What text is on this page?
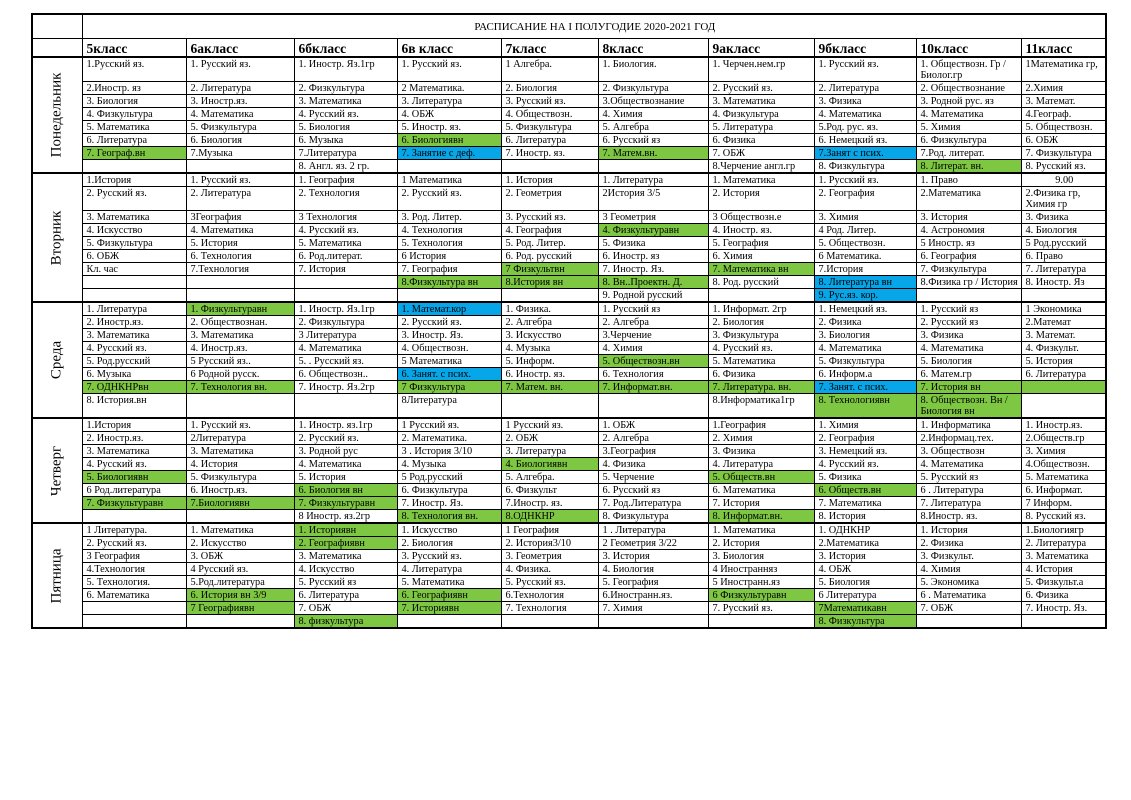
	РАСПИСАНИЕ НА I ПОЛУГОДИЕ 2020-2021 ГОД									
	5класс	6акласс	6бкласс	6в класс	7класс	8класс	9акласс	9бкласс	10класс	11класс

Понедельник	1.Русский яз.	1. Русский яз.	1. Иностр. Яз.1гр	1. Русский яз.	1 Алгебра.	1. Биология.	1. Черчен.нем.гр	1. Русский яз.	1. Обществозн. Гр /Биолог.гр	1Математика гр,
	2.Иностр. яз	2. Литература	2. Физкультура	2 Математика.	2. Биология	2. Физкультура	2. Русский яз.	2. Литература	2. Обществознание	2.Химия
	3. Биология	3. Иностр.яз.	3. Математика	3. Литература	3. Русский яз.	3.Обществознание	3. Математика	3. Физика	3. Родной рус. яз	3. Математ.
	4. Физкультура	4. Математика	4. Русский яз.	4. ОБЖ	4. Обществозн.	4. Химия	4. Физкультура	4. Математика	4. Математика	4.Географ.
	5. Математика	5. Физкультура	5. Биология	5. Иностр. яз.	5. Физкультура	5. Алгебра	5. Литература	5.Род. рус. яз.	5. Химия	5. Обществозн.
	6. Литература	6. Биология	6. Музыка	6. Биологиявн	6. Литература	6. Русский яз	6. Физика	6. Немецкий яз.	6. Физкультура	6. ОБЖ
	7. Географ.вн	7.Музыка	7.Литература	7. Занятие с деф.	7. Иностр. яз.	7. Матем.вн.	7. ОБЖ	7.Занят с псих.	7.Род. литерат.	7. Физкультура
			8. Англ. яз. 2 гр.				8.Черчение англ.гр	8. Физкультура	8. Литерат. вн.	8. Русский яз.

Вторник	1.История	1. Русский яз.	1. География	1 Математика	1. История	1. Литература	1. Математика	1. Русский яз.	1. Право	9.00
	2. Русский яз.	2. Литература	2. Технология	2. Русский яз.	2. Геометрия	2История 3/5	2. История	2. География	2.Математика	2.Физика гр, Химия гр
	3. Математика	3География	3 Технология	3. Род. Литер.	3. Русский яз.	3 Геометрия	3 Обществозн.е	3. Химия	3. История	3. Физика
	4. Искусство	4. Математика	4. Русский яз.	4. Технология	4. География	4. Физкультуравн	4. Иностр. яз.	4 Род. Литер.	4. Астрономия	4. Биология
	5. Физкультура	5. История	5. Математика	5. Технология	5. Род. Литер.	5. Физика	5. География	5. Обществозн.	5 Иностр. яз	5 Род.русский
	6. ОБЖ	6. Технология	6. Род.литерат.	6 История	6. Род. русский	6. Иностр. яз	6. Химия	6 Математика.	6. География	6. Право
	Кл. час	7.Технология	7. История	7. География	7 Физкультвн	7. Иностр. Яз.	7. Математика вн	7.История	7. Физкультура	7. Литература
				8.Физкультура вн	8.История вн	8. Вн..Проектн. Д.	8. Род. русский	8. Литература вн	8.Физика гр / История	8. Иностр. Яз
						9. Родной русский		9. Рус.яз. кор.		

Среда	1. Литература	1. Физкультуравн	1. Иностр. Яз.1гр	1. Математ.кор	1. Физика.	1. Русский яз	1. Информат. 2гр	1. Немецкий яз.	1. Русский яз	1 Экономика
	2. Иностр.яз.	2. Обществознан.	2. Физкультура	2. Русский яз.	2. Алгебра	2. Алгебра	2. Биология	2. Физика	2. Русский яз	2.Математ
	3. Математика	3. Математика	3 Литература	3. Иностр. Яз.	3. Искусство	3.Черчение	3. Физкультура	3. Биология	3. Физика	3. Математ.
	4. Русский яз.	4. Иностр.яз.	4. Математика	4. Обществозн.	4. Музыка	4. Химия	4. Русский яз.	4. Математика	4. Математика	4. Физкульт.
	5. Род.русский	5 Русский яз..	5. . Русский яз.	5 Математика	5. Информ.	5. Обществозн.вн	5. Математика	5. Физкультура	5. Биология	5. История
	6. Музыка	6 Родной русск.	6. Обществозн..	6. Занят. с псих.	6. Иностр. яз.	6. Технология	6. Физика	6. Информ.а	6. Матем.гр	6. Литература
	7. ОДНКНРвн	7. Технология вн.	7. Иностр. Яз.2гр	7 Физкультура	7. Матем. вн.	7. Информат.вн.	7. Литература. вн.	7. Занят. с псих.	7. История вн	
	8. История.вн			8Литература			8.Информатика1гр	8. Технологиявн	8. Обществозн. Вн /Биология вн	

Четверг	1.История	1. Русский яз.	1. Иностр. яз.1гр	1 Русский яз.	1 Русский яз.	1. ОБЖ	1.География	1. Химия	1. Информатика	1. Иностр.яз.
	2. Иностр.яз.	2Литература	2. Русский яз.	2. Математика.	2. ОБЖ	2. Алгебра	2. Химия	2. География	2.Информац.тех.	2.Обществ.гр
	3. Математика	3. Математика	3. Родной рус	3 . История 3/10	3. Литература	3.География	3. Физика	3. Немецкий яз.	3. Обществозн	3. Химия
	4. Русский яз.	4. История	4. Математика	4. Музыка	4. Биологиявн	4. Физика	4. Литература	4. Русский яз.	4. Математика	4.Обществозн.
	5. Биологиявн	5. Физкультура	5. История	5 Род.русский	5. Алгебра.	5. Черчение	5. Обществ.вн	5. Физика	5. Русский яз	5. Математика
	6 Род.литература	6. Иностр.яз.	6. Биология вн	6. Физкультура	6. Физкульт	6. Русский яз	6. Математика	6. Обществ.вн	6 . Литература	6. Информат.
	7. Физкультуравн	7.Биологиявн	7. Физкультуравн	7. Иностр. Яз.	7.Иностр. яз.	7. Род.Литература	7. История	7. Математика	7. Литература	7 Информ.
			8 Иностр. яз.2гр	8. Технология вн.	8.ОДНКНР	8. Физкультура	8. Информат.вн.	8. История	8.Иностр. яз.	8. Русский яз.

Пятница	1 Литература.	1. Математика	1. Историявн	1. Искусство	1 География	1 . Литература	1. Математика	1. ОДНКНР	1. История	1.Биологиягр
	2. Русский яз.	2. Искусство	2. Географиявн	2. Биология	2. История3/10	2 Геометрия 3/22	2. История	2.Математика	2. Физика	2. Литература
	3 География	3. ОБЖ	3. Математика	3. Русский яз.	3. Геометрия	3. История	3. Биология	3. История	3. Физкульт.	3. Математика
	4.Технология	4 Русский яз.	4. Искусство	4. Литература	4. Физика.	4. Биология	4 Иностранняз	4. ОБЖ	4. Химия	4. История
	5. Технология.	5.Род.литература	5. Русский яз	5. Математика	5. Русский яз.	5. География	5 Иностранн.яз	5. Биология	5. Экономика	5. Физкульт.а
	6. Математика	6. История вн 3/9	6. Литература	6. Географиявн	6.Технология	6.Иностранн.яз.	6 Физкультуравн	6 Литература	6 . Математика	6. Физика
		7 Географиявн	7. ОБЖ	7. Историявн	7. Технология	7. Химия	7. Русский яз.	7Математикавн	7. ОБЖ	7. Иностр. Яз.
			8. физкультура					8. Физкультура		
